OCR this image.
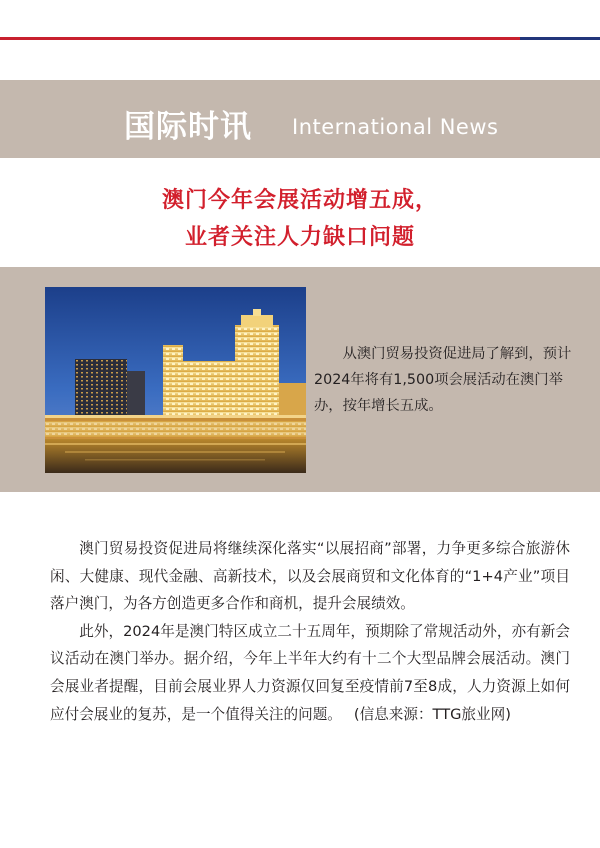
国际时讯 International News
澳门今年会展活动增五成，
业者关注人力缺口问题

从澳门贸易投资促进局了解到，预计2024年将有1,500项会展活动在澳门举办，按年增长五成。

澳门贸易投资促进局将继续深化落实“以展招商”部署，力争更多综合旅游休闲、大健康、现代金融、高新技术，以及会展商贸和文化体育的“1+4产业”项目落户澳门，为各方创造更多合作和商机，提升会展绩效。

此外，2024年是澳门特区成立二十五周年，预期除了常规活动外，亦有新会议活动在澳门举办。据介绍，今年上半年大约有十二个大型品牌会展活动。澳门会展业者提醒，目前会展业界人力资源仅回复至疫情前7至8成，人力资源上如何应付会展业的复苏，是一个值得关注的问题。 (信息来源：TTG旅业网)
